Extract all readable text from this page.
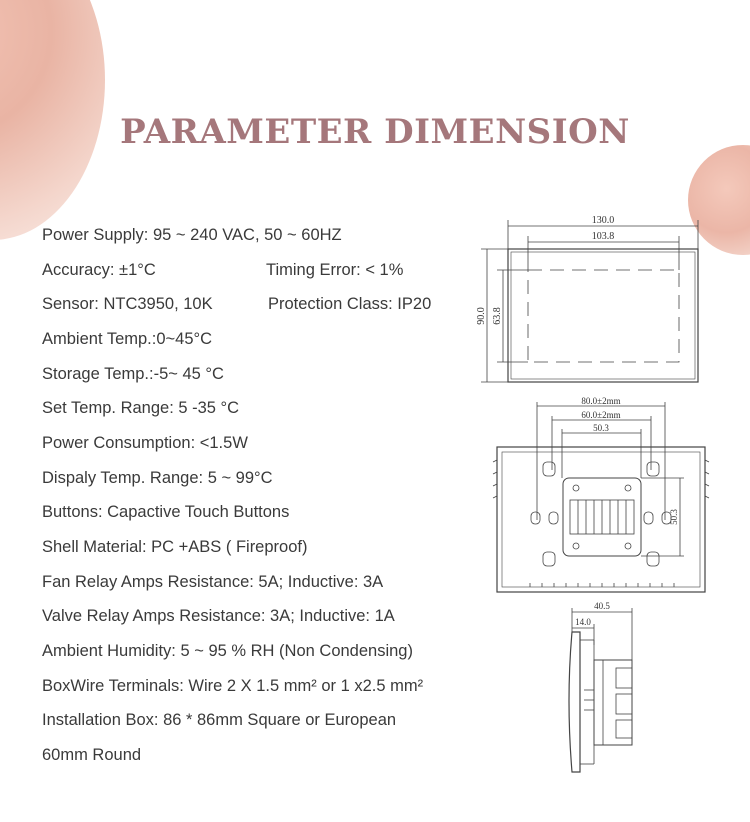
PARAMETER DIMENSION
Power Supply: 95 ~ 240 VAC, 50 ~ 60HZ
Accuracy: ±1°C	Timing Error: < 1%
Sensor: NTC3950, 10K	Protection Class: IP20
Ambient Temp.:0~45°C
Storage Temp.:-5~ 45 °C
Set Temp. Range: 5 -35 °C
Power Consumption: <1.5W
Dispaly Temp. Range: 5 ~ 99°C
Buttons: Capactive Touch Buttons
Shell Material: PC +ABS ( Fireproof)
Fan Relay Amps Resistance: 5A; Inductive: 3A
Valve Relay Amps Resistance: 3A; Inductive: 1A
Ambient Humidity: 5 ~ 95 % RH (Non Condensing)
BoxWire Terminals: Wire 2 X 1.5 mm² or 1 x2.5 mm²
Installation Box: 86 * 86mm Square or European
60mm Round
130.0
103.8
90.0 63.8
80.0±2mm
60.0±2mm
50.3
50.3
40.5
14.0
